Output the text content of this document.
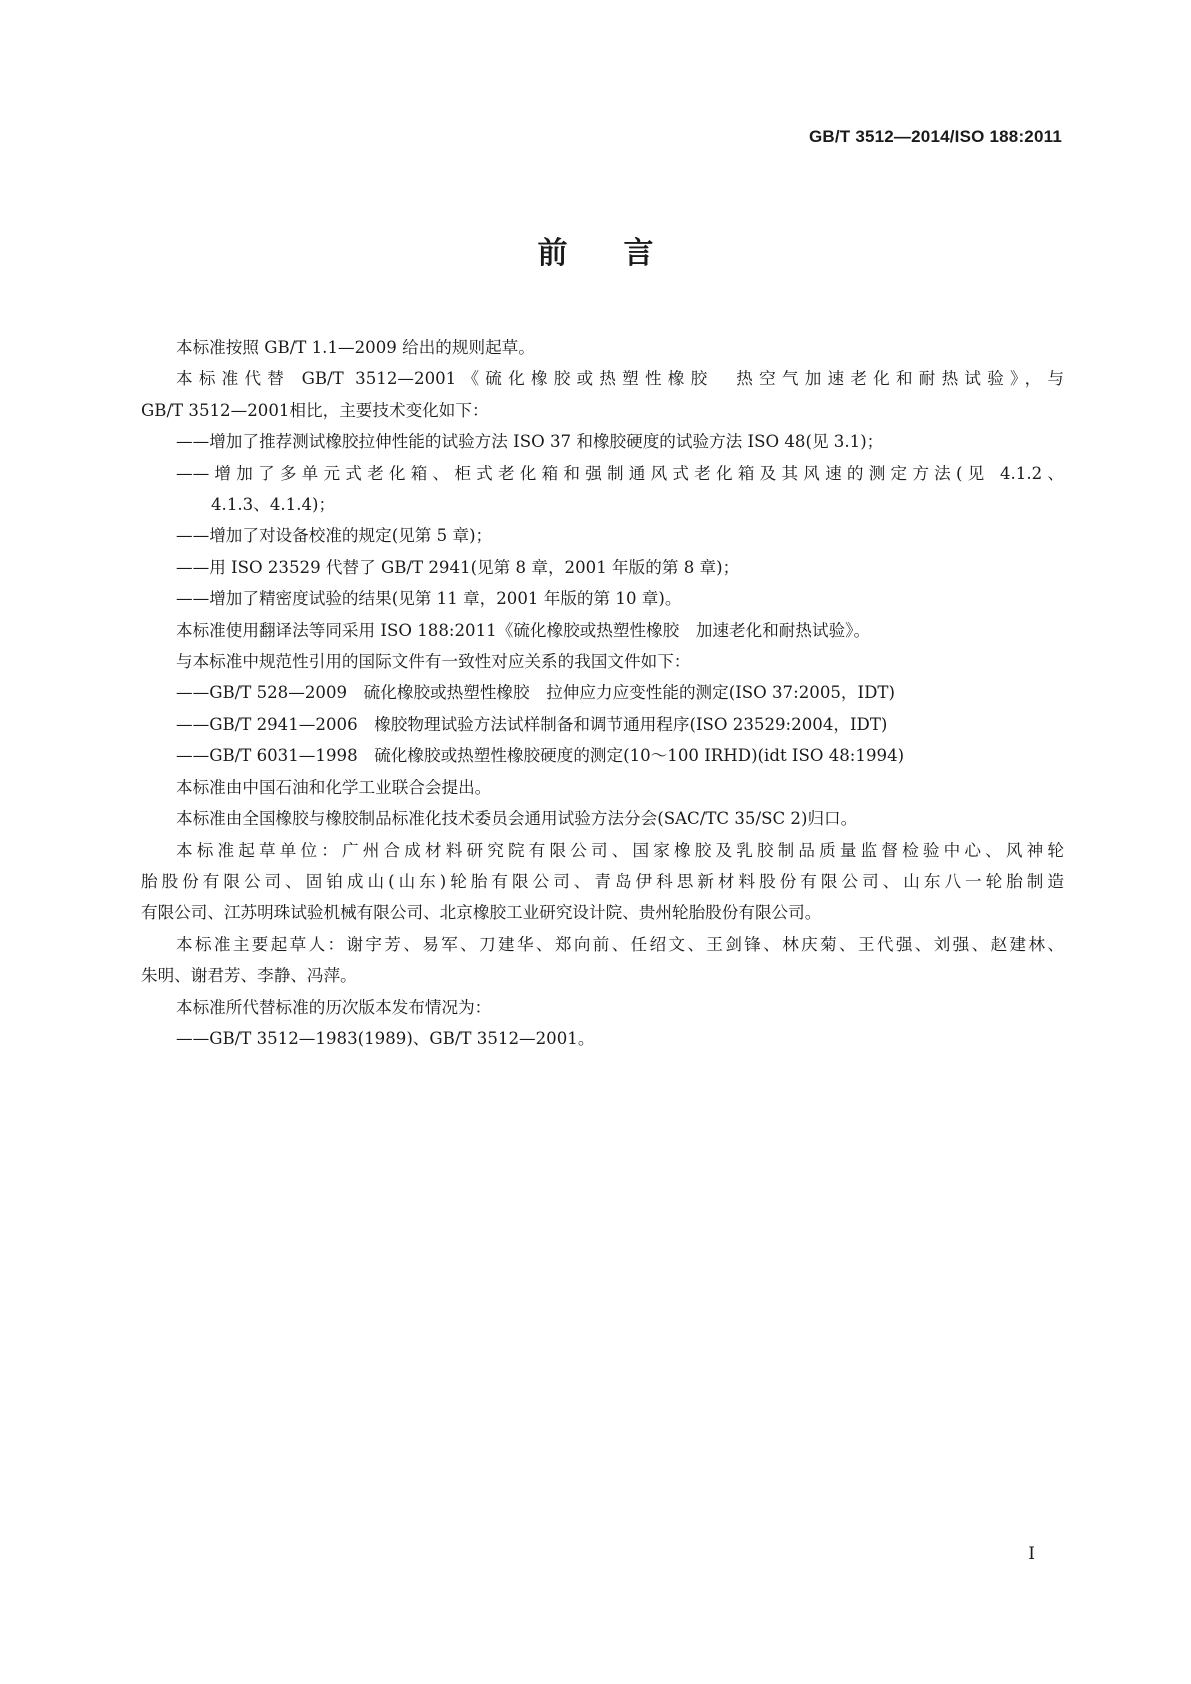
GB/T 3512—2014/ISO 188:2011
前言
本标准按照 GB/T 1.1—2009 给出的规则起草。
本标准代替 GB/T 3512—2001《硫化橡胶或热塑性橡胶　热空气加速老化和耐热试验》，与
GB/T 3512—2001相比，主要技术变化如下：
——增加了推荐测试橡胶拉伸性能的试验方法 ISO 37 和橡胶硬度的试验方法 ISO 48(见 3.1)；
——增加了多单元式老化箱、柜式老化箱和强制通风式老化箱及其风速的测定方法(见 4.1.2、
4.1.3、4.1.4)；
——增加了对设备校准的规定(见第 5 章)；
——用 ISO 23529 代替了 GB/T 2941(见第 8 章，2001 年版的第 8 章)；
——增加了精密度试验的结果(见第 11 章，2001 年版的第 10 章)。
本标准使用翻译法等同采用 ISO 188:2011《硫化橡胶或热塑性橡胶　加速老化和耐热试验》。
与本标准中规范性引用的国际文件有一致性对应关系的我国文件如下：
——GB/T 528—2009　硫化橡胶或热塑性橡胶　拉伸应力应变性能的测定(ISO 37:2005，IDT)
——GB/T 2941—2006　橡胶物理试验方法试样制备和调节通用程序(ISO 23529:2004，IDT)
——GB/T 6031—1998　硫化橡胶或热塑性橡胶硬度的测定(10～100 IRHD)(idt ISO 48:1994)
本标准由中国石油和化学工业联合会提出。
本标准由全国橡胶与橡胶制品标准化技术委员会通用试验方法分会(SAC/TC 35/SC 2)归口。
本标准起草单位：广州合成材料研究院有限公司、国家橡胶及乳胶制品质量监督检验中心、风神轮
胎股份有限公司、固铂成山(山东)轮胎有限公司、青岛伊科思新材料股份有限公司、山东八一轮胎制造
有限公司、江苏明珠试验机械有限公司、北京橡胶工业研究设计院、贵州轮胎股份有限公司。
本标准主要起草人：谢宇芳、易军、刀建华、郑向前、任绍文、王剑锋、林庆菊、王代强、刘强、赵建林、
朱明、谢君芳、李静、冯萍。
本标准所代替标准的历次版本发布情况为：
——GB/T 3512—1983(1989)、GB/T 3512—2001。
I
